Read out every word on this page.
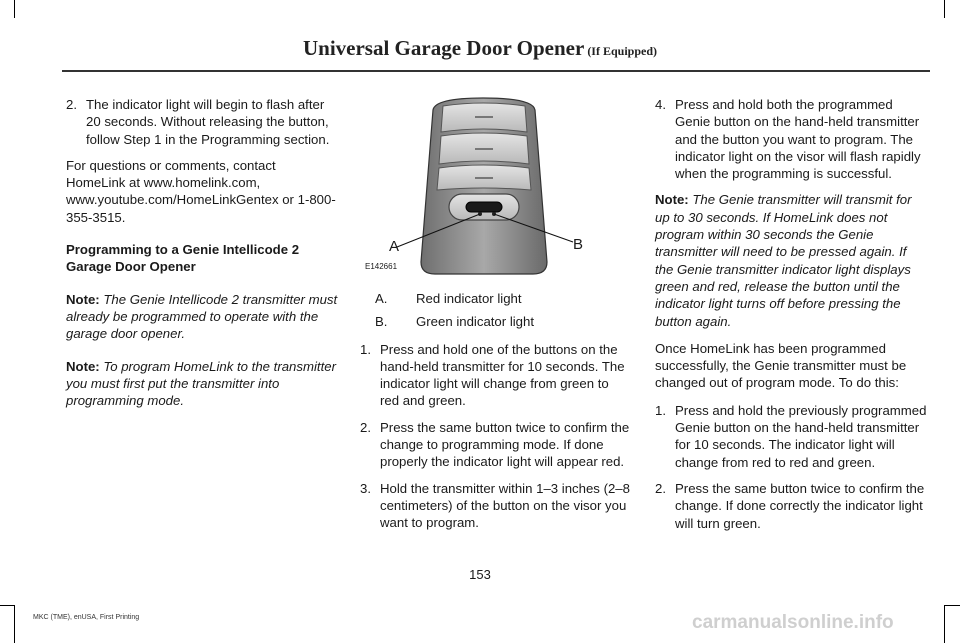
Universal Garage Door Opener (If Equipped)
2. The indicator light will begin to flash after 20 seconds. Without releasing the button, follow Step 1 in the Programming section.

For questions or comments, contact HomeLink at www.homelink.com, www.youtube.com/HomeLinkGentex or 1-800-355-3515.

Programming to a Genie Intellicode 2 Garage Door Opener

Note: The Genie Intellicode 2 transmitter must already be programmed to operate with the garage door opener.

Note: To program HomeLink to the transmitter you must first put the transmitter into programming mode.

A	B
E142661
A. Red indicator light
B. Green indicator light
1. Press and hold one of the buttons on the hand-held transmitter for 10 seconds. The indicator light will change from green to red and green.
2. Press the same button twice to confirm the change to programming mode. If done properly the indicator light will appear red.
3. Hold the transmitter within 1–3 inches (2–8 centimeters) of the button on the visor you want to program.
4. Press and hold both the programmed Genie button on the hand-held transmitter and the button you want to program. The indicator light on the visor will flash rapidly when the programming is successful.

Note: The Genie transmitter will transmit for up to 30 seconds. If HomeLink does not program within 30 seconds the Genie transmitter will need to be pressed again. If the Genie transmitter indicator light displays green and red, release the button until the indicator light turns off before pressing the button again.

Once HomeLink has been programmed successfully, the Genie transmitter must be changed out of program mode. To do this:

1. Press and hold the previously programmed Genie button on the hand-held transmitter for 10 seconds. The indicator light will change from red to red and green.
2. Press the same button twice to confirm the change. If done correctly the indicator light will turn green.
153
MKC (TME), enUSA, First Printing	carmanualsonline.info
